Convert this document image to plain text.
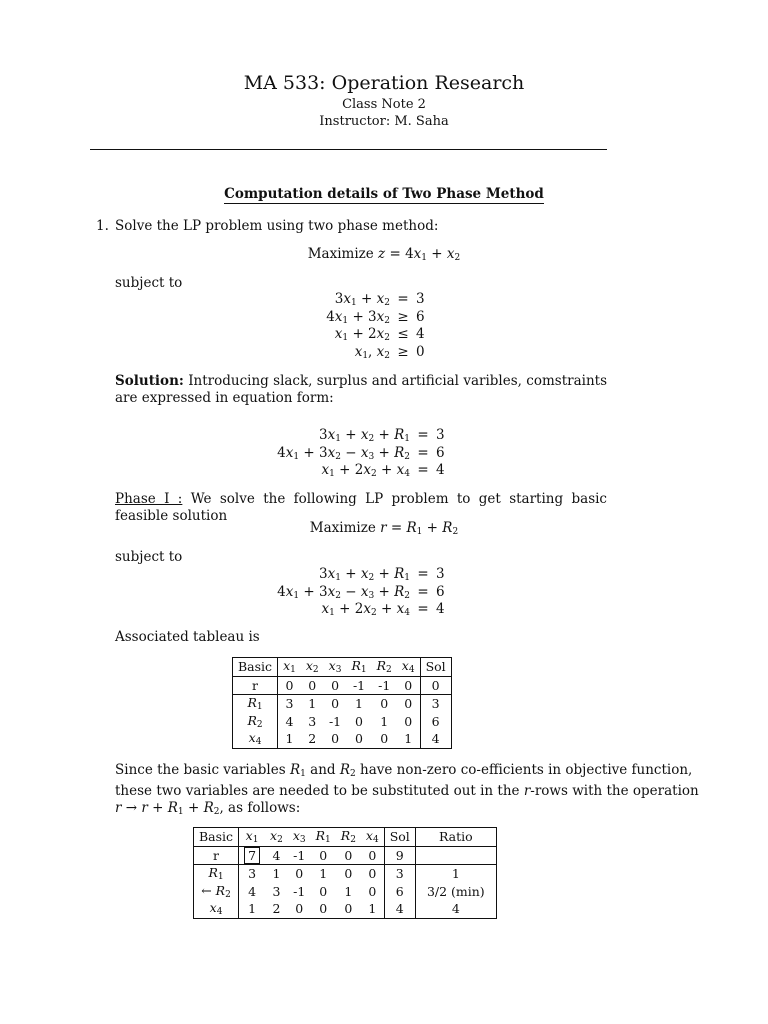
MA 533: Operation Research
Class Note 2
Instructor: M. Saha
Computation details of Two Phase Method
1. Solve the LP problem using two phase method:
Maximize $z = 4x_1 + x_2$
subject to
$3x_1 + x_2 = 3$
$4x_1 + 3x_2 \ge 6$
$x_1 + 2x_2 \le 4$
$x_1$, $x_2 \ge 0$
Solution: Introducing slack, surplus and artificial varibles, comstraints are expressed in equation form:
$3x_1 + x_2 + R_1 = 3$
$4x_1 + 3x_2 - x_3 + R_2 = 6$
$x_1 + 2x_2 + x_4 = 4$
Phase I : We solve the following LP problem to get starting basic feasible solution
Maximize $r = R_1 + R_2$
subject to
$3x_1 + x_2 + R_1 = 3$
$4x_1 + 3x_2 - x_3 + R_2 = 6$
$x_1 + 2x_2 + x_4 = 4$
Associated tableau is
Basic	$x_1$	$x_2$	$x_3$	$R_1$	$R_2$	$x_4$	Sol
r	0	0	0	-1	-1	0	0
$R_1$	3	1	0	1	0	0	3
$R_2$	4	3	-1	0	1	0	6
$x_4$	1	2	0	0	0	1	4
Since the basic variables $R_1$ and $R_2$ have non-zero co-efficients in objective function,
these two variables are needed to be substituted out in the r-rows with the operation
$r \to r + R_1 + R_2$, as follows:
Basic	$x_1$	$x_2$	$x_3$	$R_1$	$R_2$	$x_4$	Sol	Ratio
r	7	4	-1	0	0	0	9	
$R_1$	3	1	0	1	0	0	3	1
← $R_2$	4	3	-1	0	1	0	6	3/2 (min)
$x_4$	1	2	0	0	0	1	4	4
